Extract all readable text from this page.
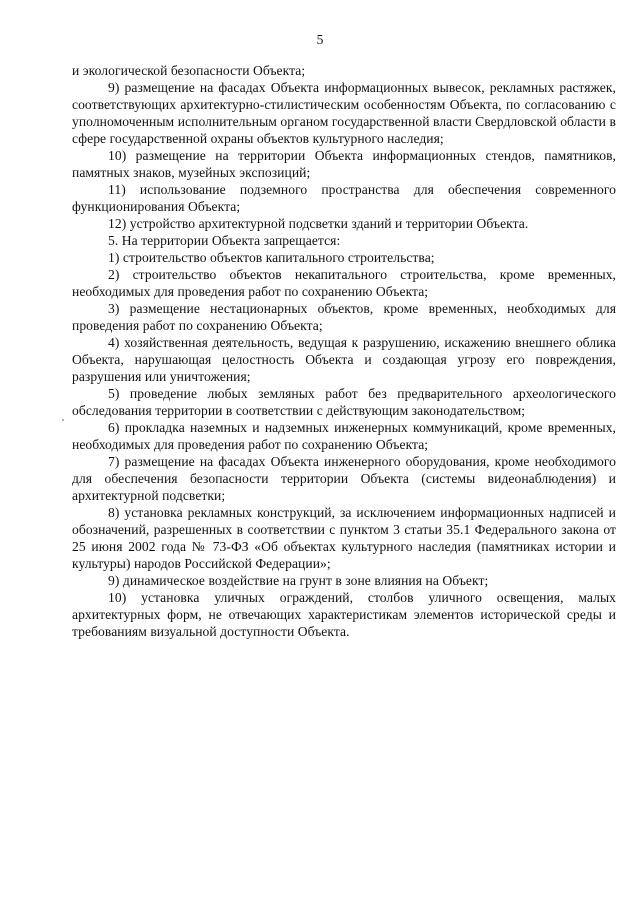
5

и экологической безопасности Объекта;

9) размещение на фасадах Объекта информационных вывесок, рекламных растяжек, соответствующих архитектурно-стилистическим особенностям Объекта, по согласованию с уполномоченным исполнительным органом государственной власти Свердловской области в сфере государственной охраны объектов культурного наследия;

10) размещение на территории Объекта информационных стендов, памятников, памятных знаков, музейных экспозиций;

11) использование подземного пространства для обеспечения современного функционирования Объекта;

12) устройство архитектурной подсветки зданий и территории Объекта.

5. На территории Объекта запрещается:

1) строительство объектов капитального строительства;

2) строительство объектов некапитального строительства, кроме временных, необходимых для проведения работ по сохранению Объекта;

3) размещение нестационарных объектов, кроме временных, необходимых для проведения работ по сохранению Объекта;

4) хозяйственная деятельность, ведущая к разрушению, искажению внешнего облика Объекта, нарушающая целостность Объекта и создающая угрозу его повреждения, разрушения или уничтожения;

5) проведение любых земляных работ без предварительного археологического обследования территории в соответствии с действующим законодательством;

6) прокладка наземных и надземных инженерных коммуникаций, кроме временных, необходимых для проведения работ по сохранению Объекта;

7) размещение на фасадах Объекта инженерного оборудования, кроме необходимого для обеспечения безопасности территории Объекта (системы видеонаблюдения) и архитектурной подсветки;

8) установка рекламных конструкций, за исключением информационных надписей и обозначений, разрешенных в соответствии с пунктом 3 статьи 35.1 Федерального закона от 25 июня 2002 года № 73-ФЗ «Об объектах культурного наследия (памятниках истории и культуры) народов Российской Федерации»;

9) динамическое воздействие на грунт в зоне влияния на Объект;

10) установка уличных ограждений, столбов уличного освещения, малых архитектурных форм, не отвечающих характеристикам элементов исторической среды и требованиям визуальной доступности Объекта.
